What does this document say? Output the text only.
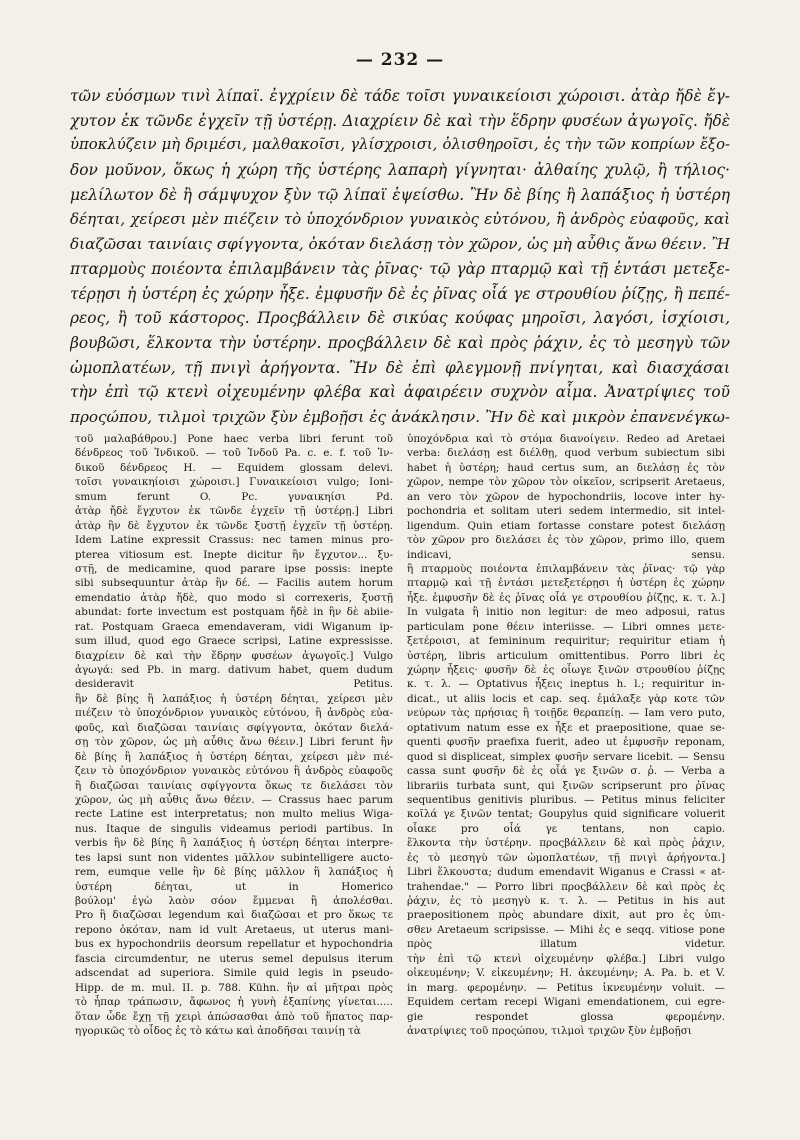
— 232 —
τῶν εὐόσμων τινὶ λίπαϊ. ἐγχρίειν δὲ τάδε τοῖσι γυναικείοισι χώροισι. ἀτὰρ ἤδὲ ἔγ-
χυτον ἐκ τῶνδε ἐγχεῖν τῇ ὑστέρῃ. Διαχρίειν δὲ καὶ τὴν ἕδρην φυσέων ἀγωγοῖς. ἤδὲ
ὑποκλύζειν μὴ δριμέσι, μαλθακοῖσι, γλίσχροισι, ὀλισθηροῖσι, ἐς τὴν τῶν κοπρίων ἔξο-
δον μοῦνον, ὅκως ἡ χώρη τῆς ὑστέρης λαπαρὴ γίγνηται· ἀλθαίης χυλῷ, ἢ τήλιος·
μελίλωτον δὲ ἢ σάμψυχον ξὺν τῷ λίπαϊ ἑψείσθω. Ἢν δὲ βίης ἢ λαπάξιος ἡ ὑστέρη
δέηται, χείρεσι μὲν πιέζειν τὸ ὑποχόνδριον γυναικὸς εὐτόνου, ἢ ἀνδρὸς εὐαφοῦς, καὶ
διαζῶσαι ταινίαις σφίγγοντα, ὁκόταν διελάσῃ τὸν χῶρον, ὡς μὴ αὖθις ἄνω θέειν. Ἢ
πταρμοὺς ποιέοντα ἐπιλαμβάνειν τὰς ῥῖνας· τῷ γὰρ πταρμῷ καὶ τῇ ἐντάσι μετεξε-
τέρῃσι ἡ ὑστέρη ἐς χώρην ἧξε. ἐμφυσῆν δὲ ἐς ῥῖνας οἷά γε στρουθίου ῥίζῃς, ἢ πεπέ-
ρεος, ἢ τοῦ κάστορος. Προςβάλλειν δὲ σικύας κούφας μηροῖσι, λαγόσι, ἰσχίοισι,
βουβῶσι, ἕλκοντα τὴν ὑστέρην. προςβάλλειν δὲ καὶ πρὸς ῥάχιν, ἐς τὸ μεσηγὺ τῶν
ὠμοπλατέων, τῇ πνιγὶ ἀρήγοντα. Ἢν δὲ ἐπὶ φλεγμονῇ πνίγηται, καὶ διασχάσαι
τὴν ἐπὶ τῷ κτενὶ οἰχευμένην φλέβα καὶ ἀφαιρέειν συχνὸν αἷμα. Ἀνατρίψιες τοῦ
προςώπου, τιλμοὶ τριχῶν ξὺν ἐμβοῇσι ἐς ἀνάκλησιν. Ἢν δὲ καὶ μικρὸν ἐπανενέγκω-
τοῦ μαλαβάθρου.] Pone haec verba libri ferunt τοῦ
δένδρεος τοῦ Ἰνδικοῦ. — τοῦ Ἰνδοῦ Pa. c. e. f. τοῦ Ἰν-
δικοῦ δένδρεος H. — Equidem glossam delevi.
τοῖσι γυναικηίοισι χώροισι.] Γυναικείοισι vulgo; Ioni-
smum ferunt O. Pc. γυναικηίσι Pd.
ἀτὰρ ἤδὲ ἔγχυτον ἐκ τῶνδε ἐγχεῖν τῇ ὑστέρῃ.] Libri
ἀτὰρ ἢν δὲ ἔγχυτον ἐκ τῶνδε ξυστῇ ἐγχεῖν τῇ ὑστέρῃ.
Idem Latine expressit Crassus: nec tamen minus pro-
pterea vitiosum est. Inepte dicitur ἢν ἔγχυτον... ξυ-
στῇ, de medicamine, quod parare ipse possis: inepte
sibi subsequuntur ἀτὰρ ἢν δέ. — Facilis autem horum
emendatio ἀτὰρ ἤδὲ, quo modo si correxeris, ξυστῇ
abundat: forte invectum est postquam ἤδὲ in ἢν δὲ abiie-
rat. Postquam Graeca emendaveram, vidi Wiganum ip-
sum illud, quod ego Graece scripsi, Latine expressisse.
διαχρίειν δὲ καὶ τὴν ἕδρην φυσέων ἀγωγοῖς.] Vulgo
ἀγωγά: sed Pb. in marg. dativum habet, quem dudum
desideravit Petitus.
ἢν δὲ βίης ἢ λαπάξιος ἡ ὑστέρη δέηται, χείρεσι μὲν
πιέζειν τὸ ὑποχόνδριον γυναικὸς εὐτόνου, ἢ ἀνδρὸς εὐα-
φοῦς, καὶ διαζῶσαι ταινίαις σφίγγοντα, ὁκόταν διελά-
σῃ τὸν χῶρον, ὡς μὴ αὖθις ἄνω θέειν.] Libri ferunt ἢν
δὲ βίης ἢ λαπάξιος ἡ ὑστέρη δέηται, χείρεσι μὲν πιέ-
ζειν τὸ ὑποχόνδριον γυναικὸς εὐτόνου ἢ ἀνδρὸς εὐαφοῦς
ἢ διαζῶσαι ταινίαις σφίγγοντα ὅκως τε διελάσει τὸν
χῶρον, ὡς μὴ αὖθις ἄνω θέειν. — Crassus haec parum
recte Latine est interpretatus; non multo melius Wiga-
nus. Itaque de singulis videamus periodi partibus. In
verbis ἢν δὲ βίης ἢ λαπάξιος ἡ ὑστέρη δέηται interpre-
tes lapsi sunt non videntes μᾶλλον subintelligere aucto-
rem, eumque velle ἢν δὲ βίης μᾶλλον ἢ λαπάξιος ἡ
ὑστέρη δέηται, ut in Homerico
βούλομ' ἐγὼ λαὸν σόον ἔμμεναι ἢ ἀπολέσθαι.
Pro ἢ διαζῶσαι legendum καὶ διαζῶσαι et pro ὅκως τε
repono ὁκόταν, nam id vult Aretaeus, ut uterus mani-
bus ex hypochondriis deorsum repellatur et hypochondria
fascia circumdentur, ne uterus semel depulsus iterum
adscendat ad superiora. Simile quid legis in pseudo-
Hipp. de m. mul. II. p. 788. Kühn. ἢν αἱ μῆτραι πρὸς
τὸ ἧπαρ τράπωσιν, ἄφωνος ἡ γυνὴ ἐξαπίνης γίνεται.....
ὅταν ὧδε ἔχῃ τῇ χειρὶ ἀπώσασθαι ἀπὸ τοῦ ἥπατος παρ-
ηγορικῶς τὸ οἶδος ἐς τὸ κάτω καὶ ἀποδῆσαι ταινίῃ τὰ
ὑποχόνδρια καὶ τὸ στόμα διανοίγειν. Redeo ad Aretaei
verba: διελάσῃ est διέλθῃ, quod verbum subiectum sibi
habet ἡ ὑστέρη; haud certus sum, an διελάσῃ ἐς τὸν
χῶρον, nempe τὸν χῶρον τὸν οἰκεῖον, scripserit Aretaeus,
an vero τὸν χῶρον de hypochondriis, locove inter hy-
pochondria et solitam uteri sedem intermedio, sit intel-
ligendum. Quin etiam fortasse constare potest διελάσῃ
τὸν χῶρον pro διελάσει ἐς τὸν χῶρον, primo illo, quem
indicavi, sensu.
ἢ πταρμοὺς ποιέοντα ἐπιλαμβάνειν τὰς ῥῖνας· τῷ γὰρ
πταρμῷ καὶ τῇ ἐντάσι μετεξετέρῃσι ἡ ὑστέρη ἐς χώρην
ἧξε. ἐμφυσῆν δὲ ἐς ῥῖνας οἷά γε στρουθίου ῥίζῃς, κ. τ. λ.]
In vulgata ἢ initio non legitur: de meo adposui, ratus
particulam pone θέειν interiisse. — Libri omnes μετε-
ξετέροισι, at femininum requiritur; requiritur etiam ἡ
ὑστέρη, libris articulum omittentibus. Porro libri ἐς
χώρην ἧξεις· φυσῆν δὲ ἐς οἷωγε ξινῶν στρουθίου ῥίζῃς
κ. τ. λ. — Optativus ἧξεις ineptus h. l.; requiritur in-
dicat., ut aliis locis et cap. seq. ἐμάλαξε γὰρ κοτε τῶν
νεύρων τὰς πρήσιας ἢ τοιῇδε θεραπείῃ. — Iam vero puto,
optativum natum esse ex ἧξε et praepositione, quae se-
quenti φυσῆν praefixa fuerit, adeo ut ἐμφυσῆν reponam,
quod si displiceat, simplex φυσῆν servare licebit. — Sensu
cassa sunt φυσῆν δὲ ἐς οἷά γε ξινῶν σ. ῥ. — Verba a
librariis turbata sunt, qui ξινῶν scripserunt pro ῥῖνας
sequentibus genitivis pluribus. — Petitus minus feliciter
κοῖλά γε ξινῶν tentat; Goupylus quid significare voluerit
οἷακε pro οἷά γε tentans, non capio.
ἕλκοντα τὴν ὑστέρην. προςβάλλειν δὲ καὶ πρὸς ῥάχιν,
ἐς τὸ μεσηγὺ τῶν ὠμοπλατέων, τῇ πνιγὶ ἀρήγοντα.]
Libri ἕλκουστα; dudum emendavit Wiganus e Crassi « at-
trahendae." — Porro libri προςβάλλειν δὲ καὶ πρὸς ἐς
ῥάχιν, ἐς τὸ μεσηγὺ κ. τ. λ. — Petitus in his aut
praepositionem πρὸς abundare dixit, aut pro ἐς ὑπι-
σθεν Aretaeum scripsisse. — Mihi ἐς e seqq. vitiose pone
πρὸς illatum videtur.
τὴν ἐπὶ τῷ κτενὶ οἰχευμένην φλέβα.] Libri vulgo
οἰκευμένην; V. εἰκευμένην; H. ἀκευμένην; A. Pa. b. et V.
in marg. φερομένην. — Petitus ἰκνευμένην voluit. —
Equidem certam recepi Wigani emendationem, cui egre-
gie respondet glossa φερομένην.
ἀνατρίψιες τοῦ προςώπου, τιλμοὶ τριχῶν ξὺν ἐμβοῇσι
